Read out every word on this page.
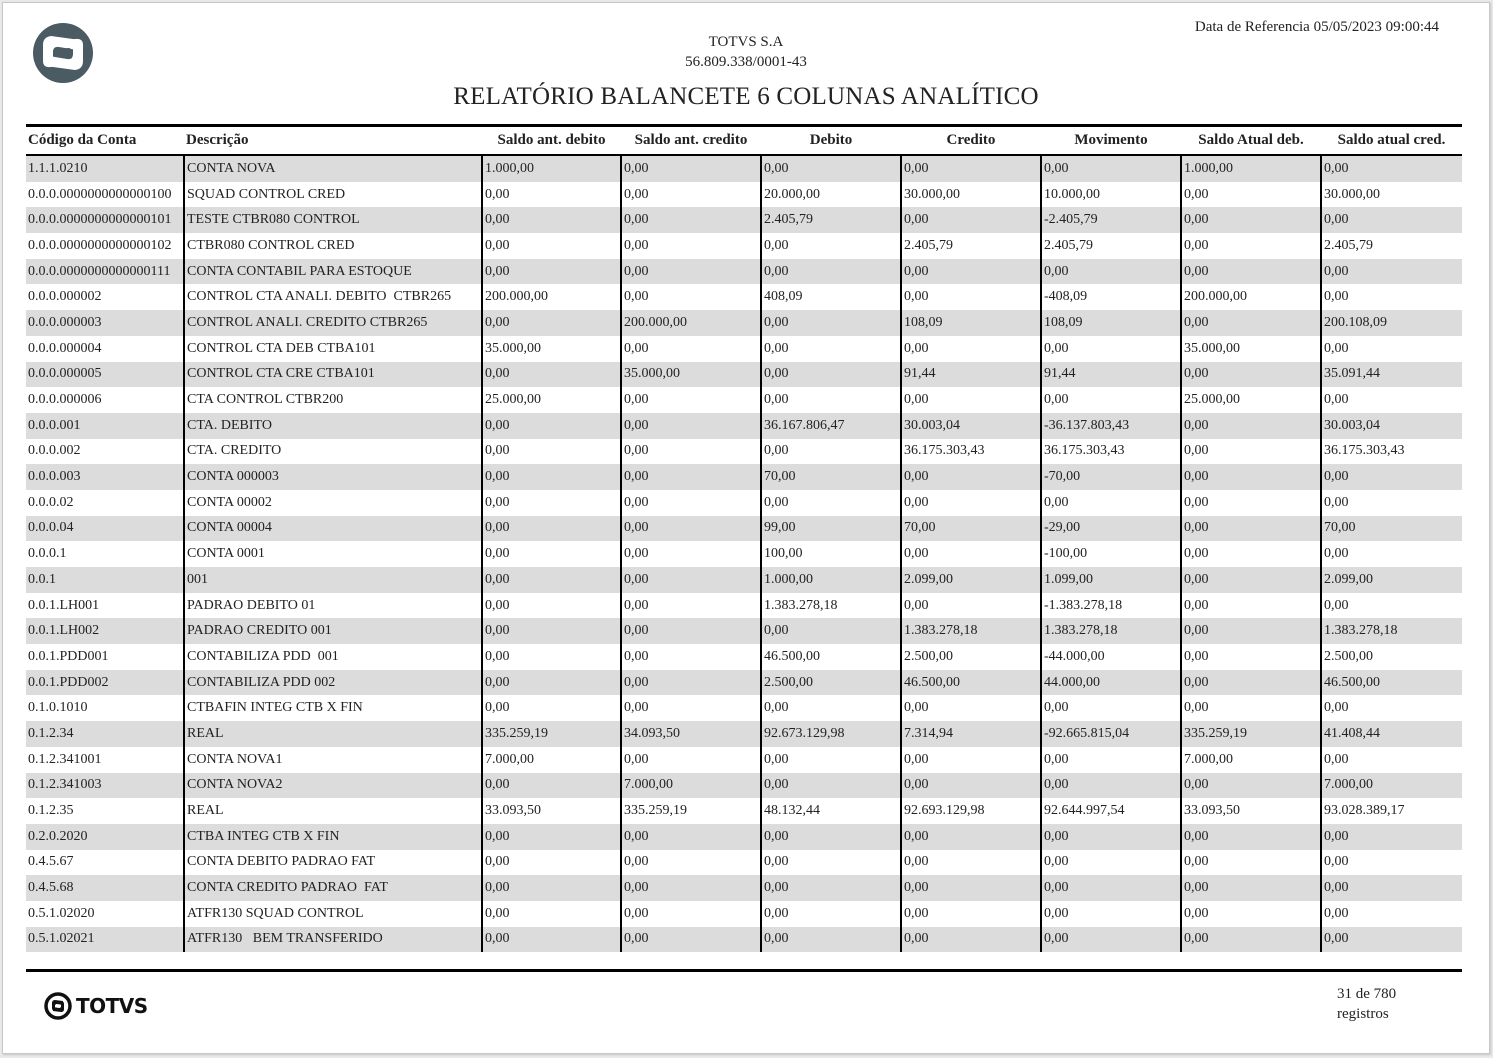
TOTVS S.A
56.809.338/0001-43
Data de Referencia 05/05/2023 09:00:44
RELATÓRIO BALANCETE 6 COLUNAS ANALÍTICO
Código da Conta	Descrição	Saldo ant. debito	Saldo ant. credito	Debito	Credito	Movimento	Saldo Atual deb.	Saldo atual cred.
1.1.1.0210	CONTA NOVA	1.000,00	0,00	0,00	0,00	0,00	1.000,00	0,00
0.0.0.0000000000000100	SQUAD CONTROL CRED	0,00	0,00	20.000,00	30.000,00	10.000,00	0,00	30.000,00
0.0.0.0000000000000101	TESTE CTBR080 CONTROL	0,00	0,00	2.405,79	0,00	-2.405,79	0,00	0,00
0.0.0.0000000000000102	CTBR080 CONTROL CRED	0,00	0,00	0,00	2.405,79	2.405,79	0,00	2.405,79
0.0.0.0000000000000111	CONTA CONTABIL PARA ESTOQUE	0,00	0,00	0,00	0,00	0,00	0,00	0,00
0.0.0.000002	CONTROL CTA ANALI. DEBITO  CTBR265	200.000,00	0,00	408,09	0,00	-408,09	200.000,00	0,00
0.0.0.000003	CONTROL ANALI. CREDITO CTBR265	0,00	200.000,00	0,00	108,09	108,09	0,00	200.108,09
0.0.0.000004	CONTROL CTA DEB CTBA101	35.000,00	0,00	0,00	0,00	0,00	35.000,00	0,00
0.0.0.000005	CONTROL CTA CRE CTBA101	0,00	35.000,00	0,00	91,44	91,44	0,00	35.091,44
0.0.0.000006	CTA CONTROL CTBR200	25.000,00	0,00	0,00	0,00	0,00	25.000,00	0,00
0.0.0.001	CTA. DEBITO	0,00	0,00	36.167.806,47	30.003,04	-36.137.803,43	0,00	30.003,04
0.0.0.002	CTA. CREDITO	0,00	0,00	0,00	36.175.303,43	36.175.303,43	0,00	36.175.303,43
0.0.0.003	CONTA 000003	0,00	0,00	70,00	0,00	-70,00	0,00	0,00
0.0.0.02	CONTA 00002	0,00	0,00	0,00	0,00	0,00	0,00	0,00
0.0.0.04	CONTA 00004	0,00	0,00	99,00	70,00	-29,00	0,00	70,00
0.0.0.1	CONTA 0001	0,00	0,00	100,00	0,00	-100,00	0,00	0,00
0.0.1	001	0,00	0,00	1.000,00	2.099,00	1.099,00	0,00	2.099,00
0.0.1.LH001	PADRAO DEBITO 01	0,00	0,00	1.383.278,18	0,00	-1.383.278,18	0,00	0,00
0.0.1.LH002	PADRAO CREDITO 001	0,00	0,00	0,00	1.383.278,18	1.383.278,18	0,00	1.383.278,18
0.0.1.PDD001	CONTABILIZA PDD  001	0,00	0,00	46.500,00	2.500,00	-44.000,00	0,00	2.500,00
0.0.1.PDD002	CONTABILIZA PDD 002	0,00	0,00	2.500,00	46.500,00	44.000,00	0,00	46.500,00
0.1.0.1010	CTBAFIN INTEG CTB X FIN	0,00	0,00	0,00	0,00	0,00	0,00	0,00
0.1.2.34	REAL	335.259,19	34.093,50	92.673.129,98	7.314,94	-92.665.815,04	335.259,19	41.408,44
0.1.2.341001	CONTA NOVA1	7.000,00	0,00	0,00	0,00	0,00	7.000,00	0,00
0.1.2.341003	CONTA NOVA2	0,00	7.000,00	0,00	0,00	0,00	0,00	7.000,00
0.1.2.35	REAL	33.093,50	335.259,19	48.132,44	92.693.129,98	92.644.997,54	33.093,50	93.028.389,17
0.2.0.2020	CTBA INTEG CTB X FIN	0,00	0,00	0,00	0,00	0,00	0,00	0,00
0.4.5.67	CONTA DEBITO PADRAO FAT	0,00	0,00	0,00	0,00	0,00	0,00	0,00
0.4.5.68	CONTA CREDITO PADRAO  FAT	0,00	0,00	0,00	0,00	0,00	0,00	0,00
0.5.1.02020	ATFR130 SQUAD CONTROL	0,00	0,00	0,00	0,00	0,00	0,00	0,00
0.5.1.02021	ATFR130   BEM TRANSFERIDO	0,00	0,00	0,00	0,00	0,00	0,00	0,00
TOTVS	31 de 780
registros
